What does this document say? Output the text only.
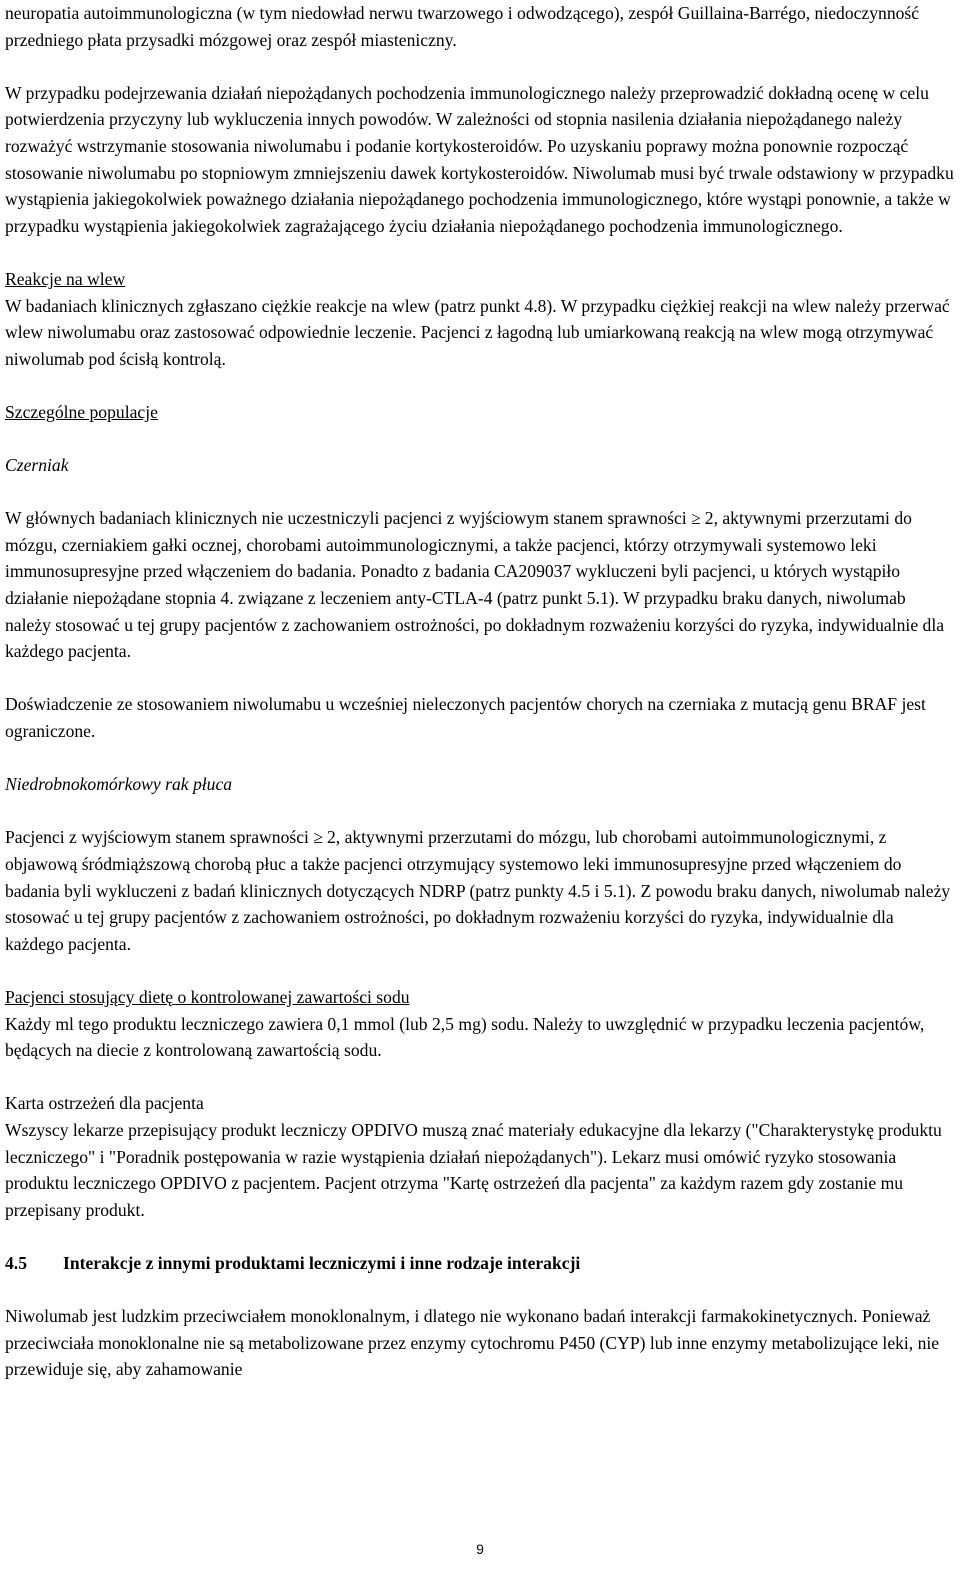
neuropatia autoimmunologiczna (w tym niedowład nerwu twarzowego i odwodzącego), zespół Guillaina-Barrégo, niedoczynność przedniego płata przysadki mózgowej oraz zespół miasteniczny.

W przypadku podejrzewania działań niepożądanych pochodzenia immunologicznego należy przeprowadzić dokładną ocenę w celu potwierdzenia przyczyny lub wykluczenia innych powodów. W zależności od stopnia nasilenia działania niepożądanego należy rozważyć wstrzymanie stosowania niwolumabu i podanie kortykosteroidów. Po uzyskaniu poprawy można ponownie rozpocząć stosowanie niwolumabu po stopniowym zmniejszeniu dawek kortykosteroidów. Niwolumab musi być trwale odstawiony w przypadku wystąpienia jakiegokolwiek poważnego działania niepożądanego pochodzenia immunologicznego, które wystąpi ponownie, a także w przypadku wystąpienia jakiegokolwiek zagrażającego życiu działania niepożądanego pochodzenia immunologicznego.

Reakcje na wlew

W badaniach klinicznych zgłaszano ciężkie reakcje na wlew (patrz punkt 4.8). W przypadku ciężkiej reakcji na wlew należy przerwać wlew niwolumabu oraz zastosować odpowiednie leczenie. Pacjenci z łagodną lub umiarkowaną reakcją na wlew mogą otrzymywać niwolumab pod ścisłą kontrolą.

Szczególne populacje

Czerniak

W głównych badaniach klinicznych nie uczestniczyli pacjenci z wyjściowym stanem sprawności ≥ 2, aktywnymi przerzutami do mózgu, czerniakiem gałki ocznej, chorobami autoimmunologicznymi, a także pacjenci, którzy otrzymywali systemowo leki immunosupresyjne przed włączeniem do badania. Ponadto z badania CA209037 wykluczeni byli pacjenci, u których wystąpiło działanie niepożądane stopnia 4. związane z leczeniem anty-CTLA-4 (patrz punkt 5.1). W przypadku braku danych, niwolumab należy stosować u tej grupy pacjentów z zachowaniem ostrożności, po dokładnym rozważeniu korzyści do ryzyka, indywidualnie dla każdego pacjenta.

Doświadczenie ze stosowaniem niwolumabu u wcześniej nieleczonych pacjentów chorych na czerniaka z mutacją genu BRAF jest ograniczone.

Niedrobnokomórkowy rak płuca

Pacjenci z wyjściowym stanem sprawności ≥ 2, aktywnymi przerzutami do mózgu, lub chorobami autoimmunologicznymi, z objawową śródmiąższową chorobą płuc a także pacjenci otrzymujący systemowo leki immunosupresyjne przed włączeniem do badania byli wykluczeni z badań klinicznych dotyczących NDRP (patrz punkty 4.5 i 5.1). Z powodu braku danych, niwolumab należy stosować u tej grupy pacjentów z zachowaniem ostrożności, po dokładnym rozważeniu korzyści do ryzyka, indywidualnie dla każdego pacjenta.

Pacjenci stosujący dietę o kontrolowanej zawartości sodu

Każdy ml tego produktu leczniczego zawiera 0,1 mmol (lub 2,5 mg) sodu. Należy to uwzględnić w przypadku leczenia pacjentów, będących na diecie z kontrolowaną zawartością sodu.

Karta ostrzeżeń dla pacjenta

Wszyscy lekarze przepisujący produkt leczniczy OPDIVO muszą znać materiały edukacyjne dla lekarzy ("Charakterystykę produktu leczniczego" i "Poradnik postępowania w razie wystąpienia działań niepożądanych"). Lekarz musi omówić ryzyko stosowania produktu leczniczego OPDIVO z pacjentem. Pacjent otrzyma "Kartę ostrzeżeń dla pacjenta" za każdym razem gdy zostanie mu przepisany produkt.

4.5 Interakcje z innymi produktami leczniczymi i inne rodzaje interakcji

Niwolumab jest ludzkim przeciwciałem monoklonalnym, i dlatego nie wykonano badań interakcji farmakokinetycznych. Ponieważ przeciwciała monoklonalne nie są metabolizowane przez enzymy cytochromu P450 (CYP) lub inne enzymy metabolizujące leki, nie przewiduje się, aby zahamowanie

9
